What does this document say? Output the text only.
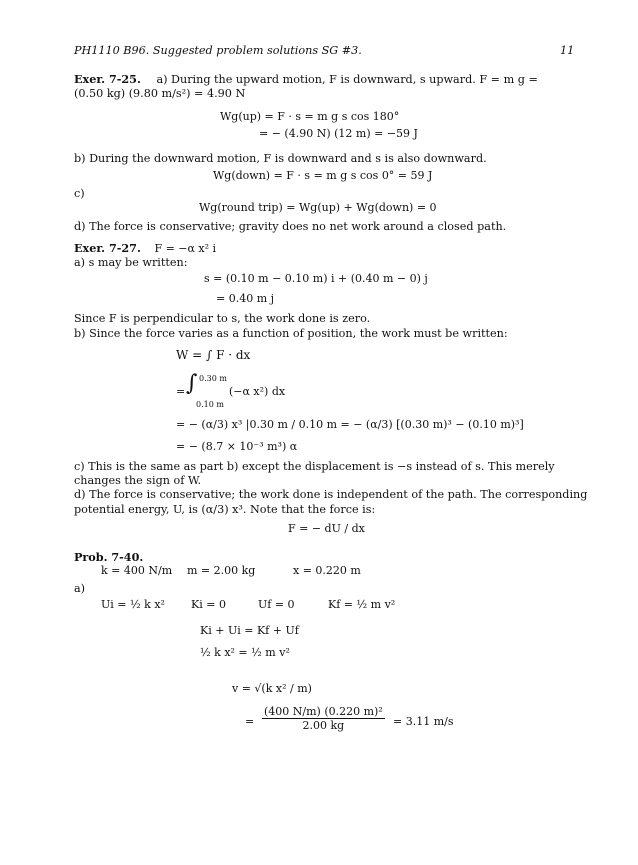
PH1110 B96. Suggested problem solutions SG #3.	11
Exer. 7-25. a) During the upward motion, F is downward, s upward. F = m g =
(0.50 kg) (9.80 m/s²) = 4.90 N
Wg(up) = F · s = m g s cos 180°
= − (4.90 N) (12 m) = −59 J
b) During the downward motion, F is downward and s is also downward.
Wg(down) = F · s = m g s cos 0° = 59 J
c)
Wg(round trip) = Wg(up) + Wg(down) = 0
d) The force is conservative; gravity does no net work around a closed path.
Exer. 7-27. F = −α x² i
a) s may be written:
s = (0.10 m − 0.10 m) i + (0.40 m − 0) j
= 0.40 m j
Since F is perpendicular to s, the work done is zero.
b) Since the force varies as a function of position, the work must be written:
W = ∫ F · dx
∫ 0.30 m
0.10 m
=	(−α x²) dx
= − (α/3) x³ |0.30 m / 0.10 m = − (α/3) [(0.30 m)³ − (0.10 m)³]
= − (8.7 × 10⁻³ m³) α
c) This is the same as part b) except the displacement is −s instead of s. This merely
changes the sign of W.
d) The force is conservative; the work done is independent of the path. The corresponding
potential energy, U, is (α/3) x³. Note that the force is:
F = − dU / dx
Prob. 7-40.
k = 400 N/m m = 2.00 kg	x = 0.220 m
a)
Ui = ½ k x² Ki = 0	Uf = 0	Kf = ½ m v²
Ki + Ui = Kf + Uf
½ k x² = ½ m v²
v = √(k x² / m)
= $\frac{\text{(400 N/m) (0.220 m)²}}{2.00 kg} = 3.11$ m/s
